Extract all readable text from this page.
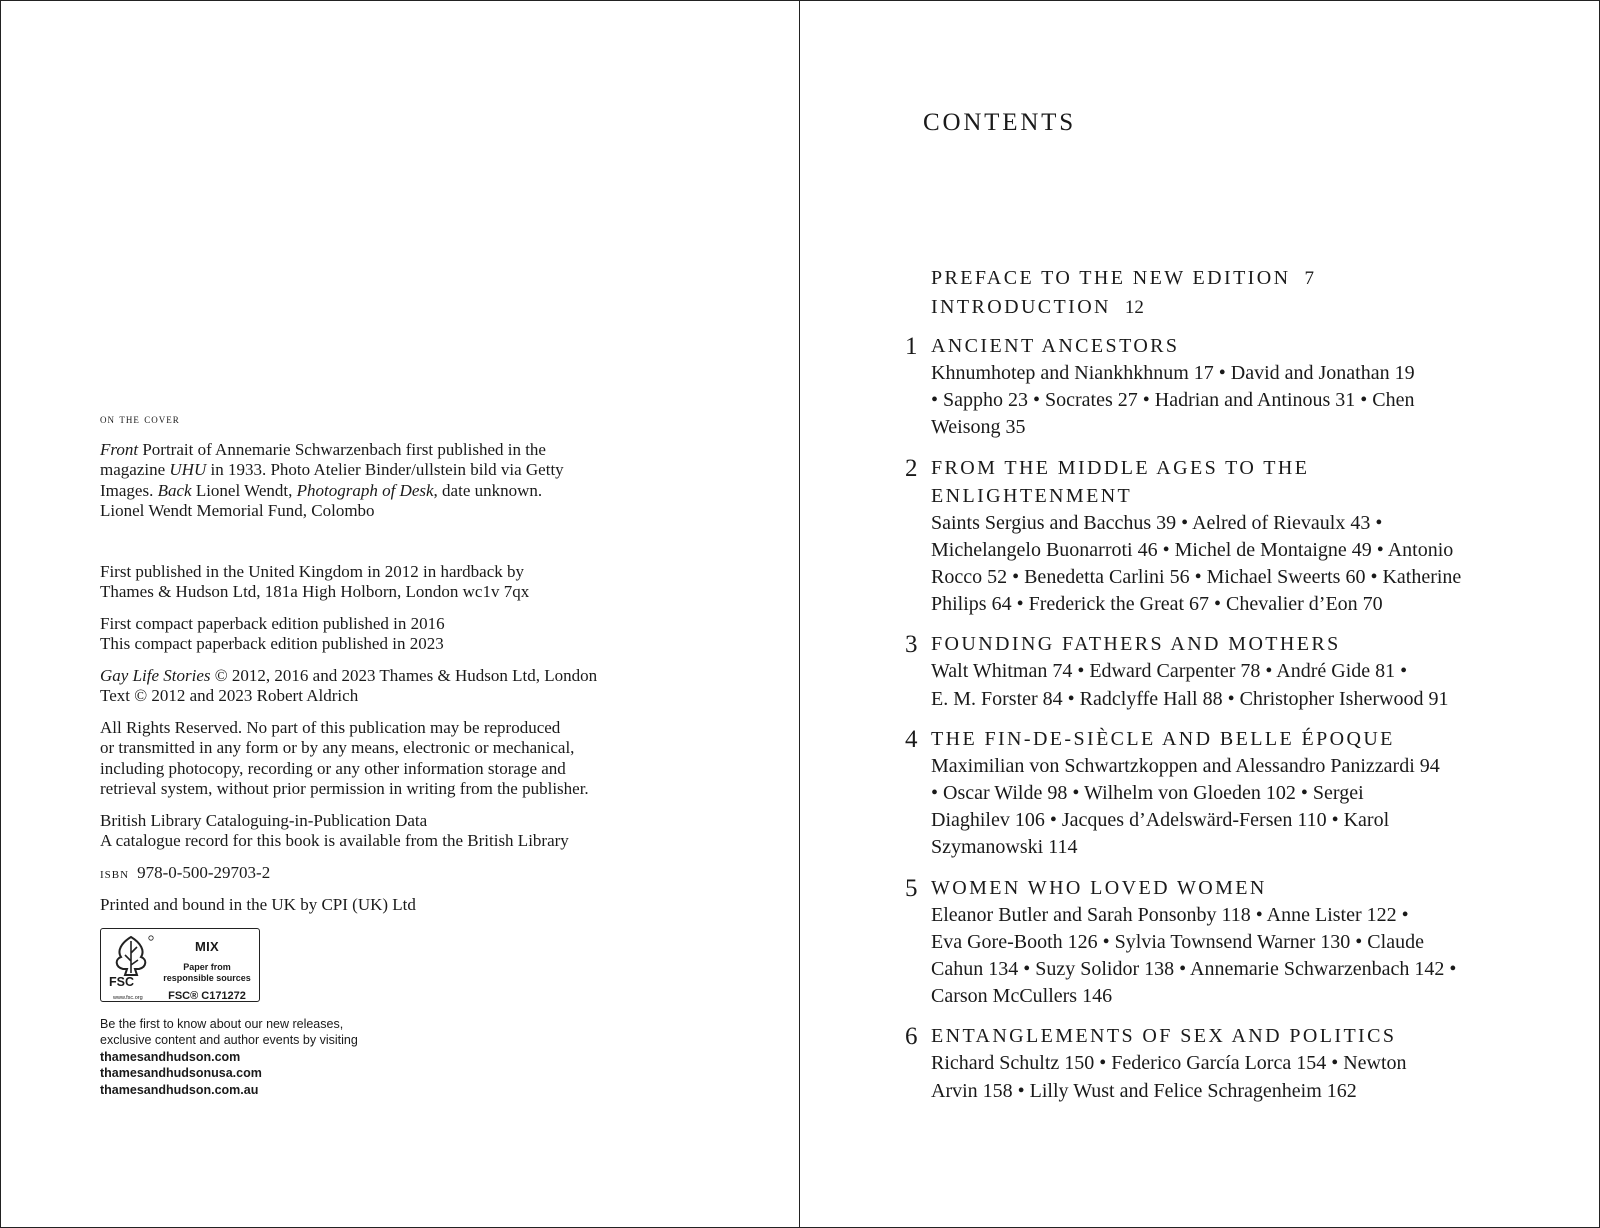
on the cover
Front Portrait of Annemarie Schwarzenbach first published in the
magazine UHU in 1933. Photo Atelier Binder/ullstein bild via Getty
Images. Back Lionel Wendt, Photograph of Desk, date unknown.
Lionel Wendt Memorial Fund, Colombo
First published in the United Kingdom in 2012 in hardback by
Thames & Hudson Ltd, 181a High Holborn, London wc1v 7qx
First compact paperback edition published in 2016
This compact paperback edition published in 2023
Gay Life Stories © 2012, 2016 and 2023 Thames & Hudson Ltd, London
Text © 2012 and 2023 Robert Aldrich
All Rights Reserved. No part of this publication may be reproduced
or transmitted in any form or by any means, electronic or mechanical,
including photocopy, recording or any other information storage and
retrieval system, without prior permission in writing from the publisher.
British Library Cataloguing-in-Publication Data
A catalogue record for this book is available from the British Library
isbn 978-0-500-29703-2
Printed and bound in the UK by CPI (UK) Ltd
FSC
www.fsc.org
MIX
Paper from
responsible sources
FSC® C171272
Be the first to know about our new releases,
exclusive content and author events by visiting
thamesandhudson.com
thamesandhudsonusa.com
thamesandhudson.com.au
CONTENTS
PREFACE TO THE NEW EDITION 7
INTRODUCTION 12
1 ANCIENT ANCESTORS
Khnumhotep and Niankhkhnum 17 • David and Jonathan 19
• Sappho 23 • Socrates 27 • Hadrian and Antinous 31 • Chen
Weisong 35
2 FROM THE MIDDLE AGES TO THE
ENLIGHTENMENT
Saints Sergius and Bacchus 39 • Aelred of Rievaulx 43 •
Michelangelo Buonarroti 46 • Michel de Montaigne 49 • Antonio
Rocco 52 • Benedetta Carlini 56 • Michael Sweerts 60 • Katherine
Philips 64 • Frederick the Great 67 • Chevalier d’Eon 70
3 FOUNDING FATHERS AND MOTHERS
Walt Whitman 74 • Edward Carpenter 78 • André Gide 81 •
E. M. Forster 84 • Radclyffe Hall 88 • Christopher Isherwood 91
4 THE FIN-DE-SIÈCLE AND BELLE ÉPOQUE
Maximilian von Schwartzkoppen and Alessandro Panizzardi 94
• Oscar Wilde 98 • Wilhelm von Gloeden 102 • Sergei
Diaghilev 106 • Jacques d’Adelswärd-Fersen 110 • Karol
Szymanowski 114
5 WOMEN WHO LOVED WOMEN
Eleanor Butler and Sarah Ponsonby 118 • Anne Lister 122 •
Eva Gore-Booth 126 • Sylvia Townsend Warner 130 • Claude
Cahun 134 • Suzy Solidor 138 • Annemarie Schwarzenbach 142 •
Carson McCullers 146
6 ENTANGLEMENTS OF SEX AND POLITICS
Richard Schultz 150 • Federico García Lorca 154 • Newton
Arvin 158 • Lilly Wust and Felice Schragenheim 162
